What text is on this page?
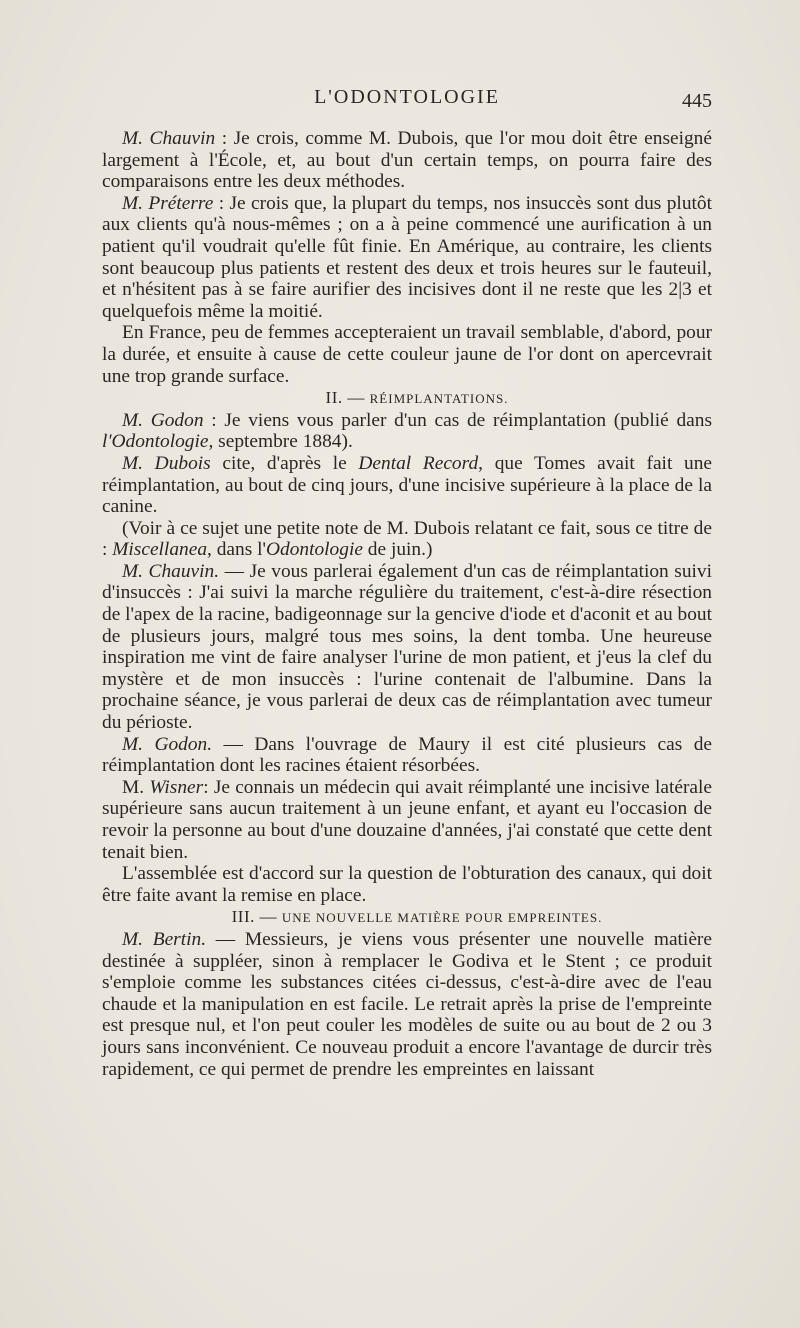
L'ODONTOLOGIE	445

M. Chauvin : Je crois, comme M. Dubois, que l'or mou doit être enseigné largement à l'École, et, au bout d'un certain temps, on pourra faire des comparaisons entre les deux méthodes.

M. Préterre : Je crois que, la plupart du temps, nos insuccès sont dus plutôt aux clients qu'à nous-mêmes ; on a à peine commencé une aurification à un patient qu'il voudrait qu'elle fût finie. En Amérique, au contraire, les clients sont beaucoup plus patients et restent des deux et trois heures sur le fauteuil, et n'hésitent pas à se faire aurifier des incisives dont il ne reste que les 2|3 et quelquefois même la moitié.

En France, peu de femmes accepteraient un travail semblable, d'abord, pour la durée, et ensuite à cause de cette couleur jaune de l'or dont on apercevrait une trop grande surface.

II. — RÉIMPLANTATIONS.

M. Godon : Je viens vous parler d'un cas de réimplantation (publié dans l'Odontologie, septembre 1884).

M. Dubois cite, d'après le Dental Record, que Tomes avait fait une réimplantation, au bout de cinq jours, d'une incisive supérieure à la place de la canine.

(Voir à ce sujet une petite note de M. Dubois relatant ce fait, sous ce titre de : Miscellanea, dans l'Odontologie de juin.)

M. Chauvin. — Je vous parlerai également d'un cas de réimplantation suivi d'insuccès : J'ai suivi la marche régulière du traitement, c'est-à-dire résection de l'apex de la racine, badigeonnage sur la gencive d'iode et d'aconit et au bout de plusieurs jours, malgré tous mes soins, la dent tomba. Une heureuse inspiration me vint de faire analyser l'urine de mon patient, et j'eus la clef du mystère et de mon insuccès : l'urine contenait de l'albumine. Dans la prochaine séance, je vous parlerai de deux cas de réimplantation avec tumeur du périoste.

M. Godon. — Dans l'ouvrage de Maury il est cité plusieurs cas de réimplantation dont les racines étaient résorbées.

M. Wisner: Je connais un médecin qui avait réimplanté une incisive latérale supérieure sans aucun traitement à un jeune enfant, et ayant eu l'occasion de revoir la personne au bout d'une douzaine d'années, j'ai constaté que cette dent tenait bien.

L'assemblée est d'accord sur la question de l'obturation des canaux, qui doit être faite avant la remise en place.

III. — UNE NOUVELLE MATIÈRE POUR EMPREINTES.

M. Bertin. — Messieurs, je viens vous présenter une nouvelle matière destinée à suppléer, sinon à remplacer le Godiva et le Stent ; ce produit s'emploie comme les substances citées ci-dessus, c'est-à-dire avec de l'eau chaude et la manipulation en est facile. Le retrait après la prise de l'empreinte est presque nul, et l'on peut couler les modèles de suite ou au bout de 2 ou 3 jours sans inconvénient. Ce nouveau produit a encore l'avantage de durcir très rapidement, ce qui permet de prendre les empreintes en laissant
